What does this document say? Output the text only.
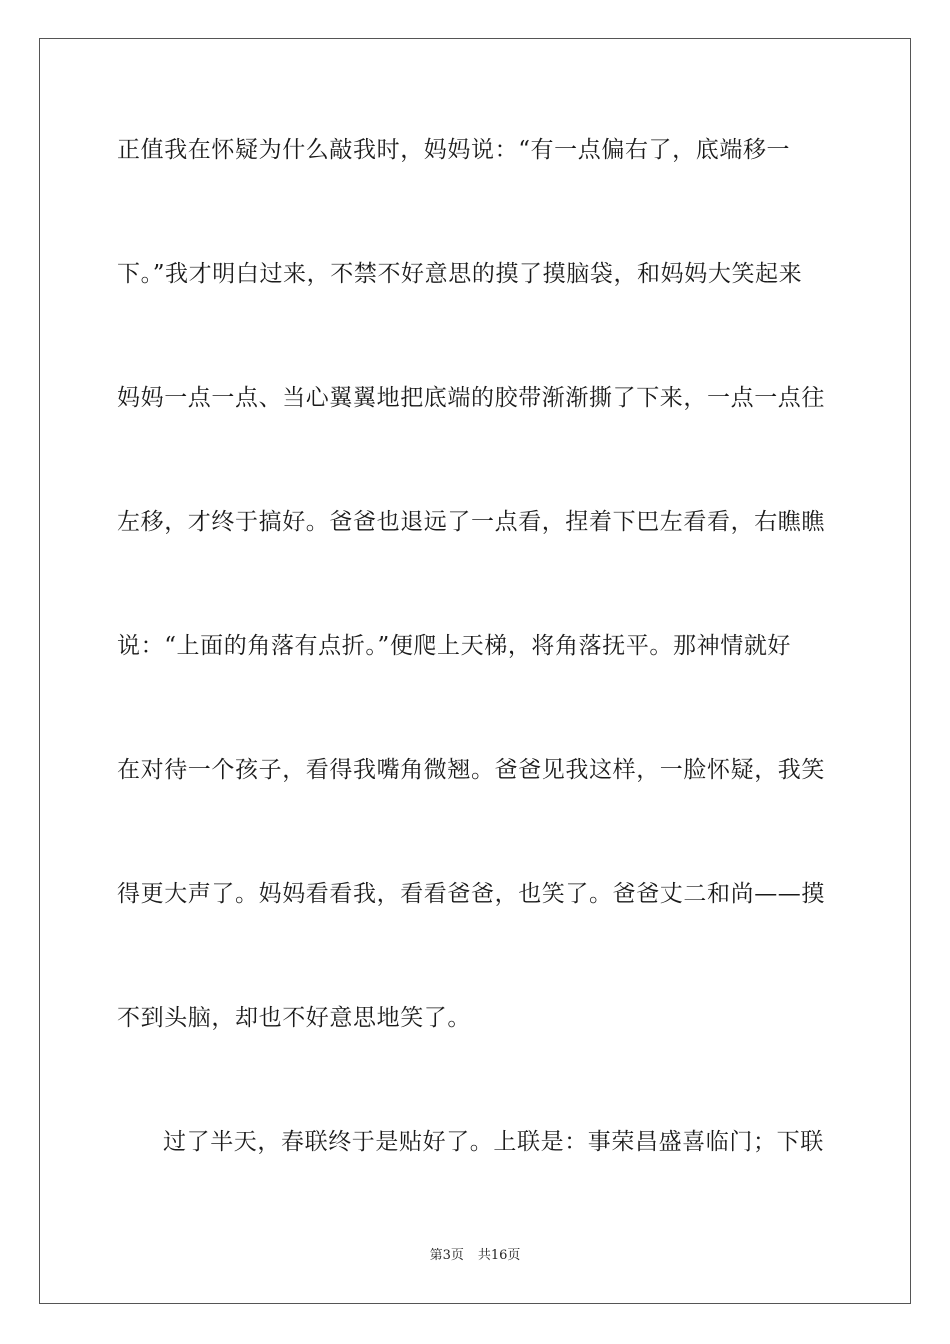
正值我在怀疑为什么敲我时，妈妈说：“有一点偏右了，底端移一
下。”我才明白过来，不禁不好意思的摸了摸脑袋，和妈妈大笑起来
妈妈一点一点、当心翼翼地把底端的胶带渐渐撕了下来，一点一点往
左移，才终于搞好。爸爸也退远了一点看，捏着下巴左看看，右瞧瞧
说：“上面的角落有点折。”便爬上天梯，将角落抚平。那神情就好
在对待一个孩子，看得我嘴角微翘。爸爸见我这样，一脸怀疑，我笑
得更大声了。妈妈看看我，看看爸爸，也笑了。爸爸丈二和尚——摸
不到头脑，却也不好意思地笑了。
过了半天，春联终于是贴好了。上联是：事荣昌盛喜临门；下联
第3页 共16页
